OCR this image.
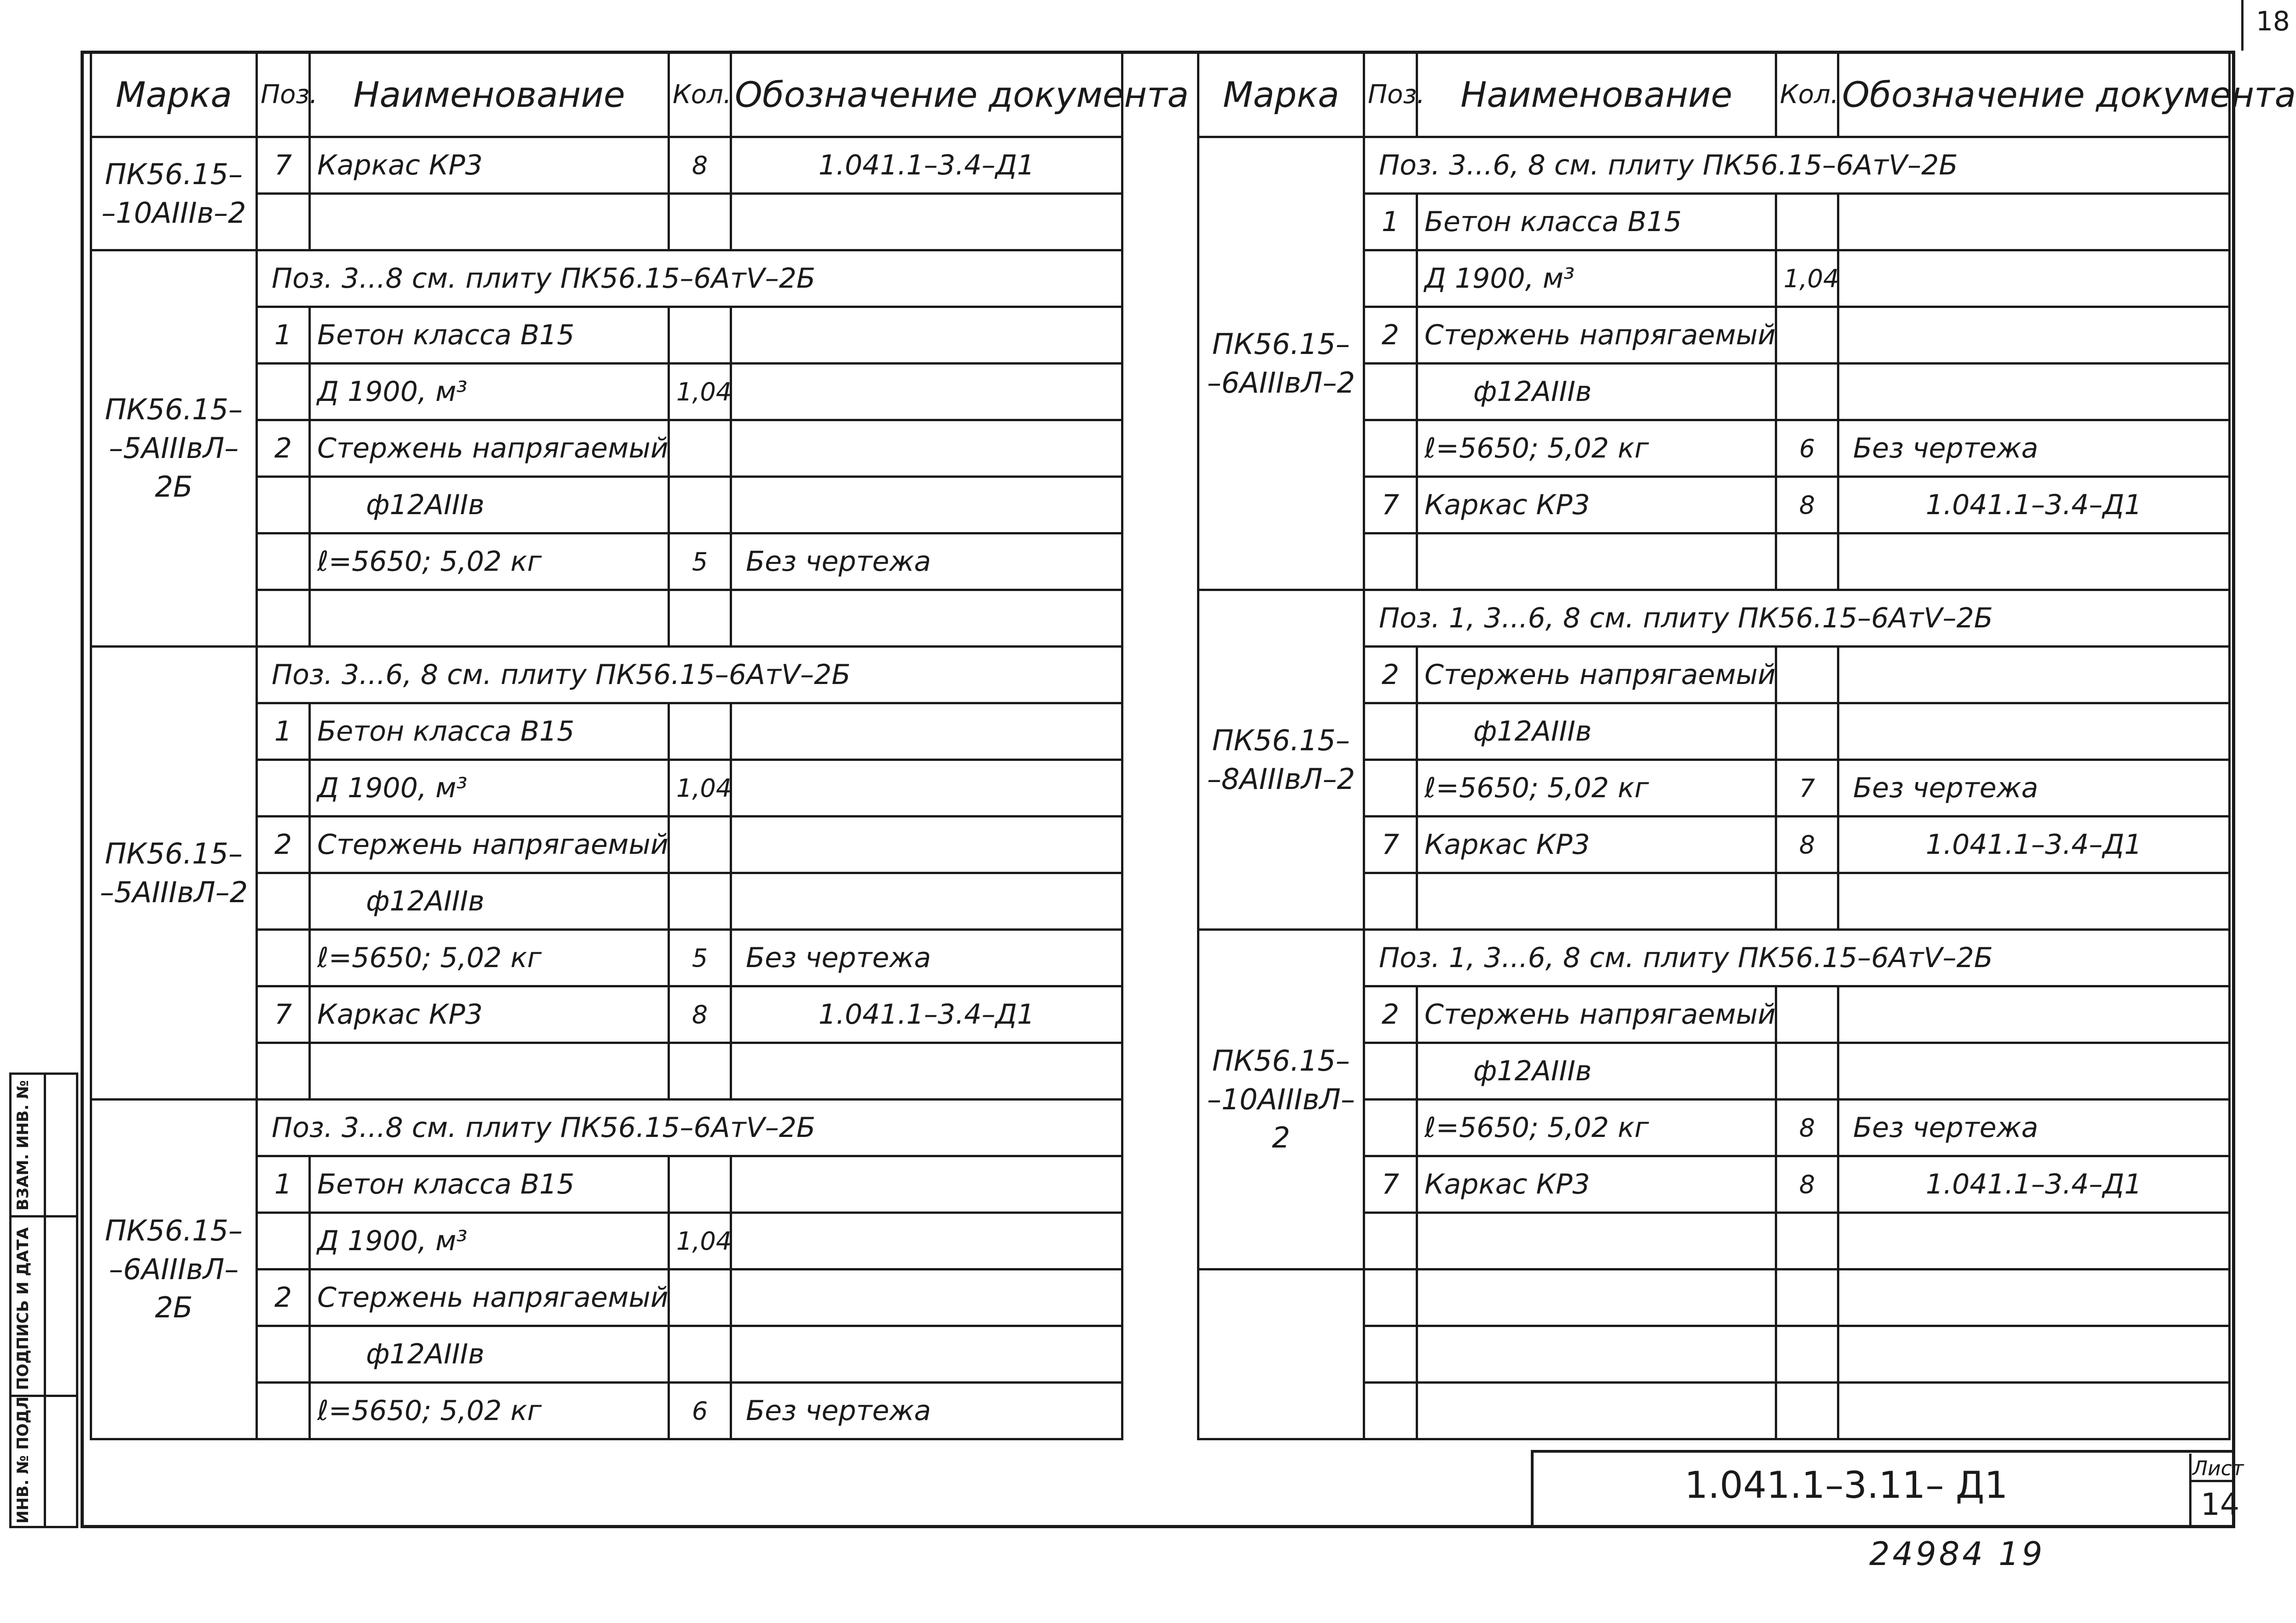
18
ВЗАМ. ИНВ. №
ПОДПИСЬ И ДАТА
ИНВ. № ПОДЛ
Марка	Поз.	Наименование	Кол.	Обозначение документа

ПК56.15–
–10АIIIв–2	7	Каркас КР3	8	1.041.1–3.4–Д1

ПК56.15–
–5АIIIвЛ–2Б	Поз. 3...8 см. плиту ПК56.15–6АтV–2Б			
	1	Бетон класса В15		
		Д 1900, м³	1,04	
	2	Стержень напрягаемый		
		ф12АIIIв		
		ℓ=5650; 5,02 кг	5	Без чертежа

ПК56.15–
–5АIIIвЛ–2	Поз. 3...6, 8 см. плиту ПК56.15–6АтV–2Б			
	1	Бетон класса В15		
		Д 1900, м³	1,04	
	2	Стержень напрягаемый		
		ф12АIIIв		
		ℓ=5650; 5,02 кг	5	Без чертежа
	7	Каркас КР3	8	1.041.1–3.4–Д1

ПК56.15–
–6АIIIвЛ–2Б	Поз. 3...8 см. плиту ПК56.15–6АтV–2Б			
	1	Бетон класса В15		
		Д 1900, м³	1,04	
	2	Стержень напрягаемый		
		ф12АIIIв		
		ℓ=5650; 5,02 кг	6	Без чертежа
Марка	Поз.	Наименование	Кол.	Обозначение документа

ПК56.15–
–6АIIIвЛ–2	Поз. 3...6, 8 см. плиту ПК56.15–6АтV–2Б			
	1	Бетон класса В15		
		Д 1900, м³	1,04	
	2	Стержень напрягаемый		
		ф12АIIIв		
		ℓ=5650; 5,02 кг	6	Без чертежа
	7	Каркас КР3	8	1.041.1–3.4–Д1

ПК56.15–
–8АIIIвЛ–2	Поз. 1, 3...6, 8 см. плиту ПК56.15–6АтV–2Б			
	2	Стержень напрягаемый		
		ф12АIIIв		
		ℓ=5650; 5,02 кг	7	Без чертежа
	7	Каркас КР3	8	1.041.1–3.4–Д1

ПК56.15–
–10АIIIвЛ–2	Поз. 1, 3...6, 8 см. плиту ПК56.15–6АтV–2Б			
	2	Стержень напрягаемый		
		ф12АIIIв		
		ℓ=5650; 5,02 кг	8	Без чертежа
	7	Каркас КР3	8	1.041.1–3.4–Д1

1.041.1–3.11– Д1	Лист
14
24984 19
